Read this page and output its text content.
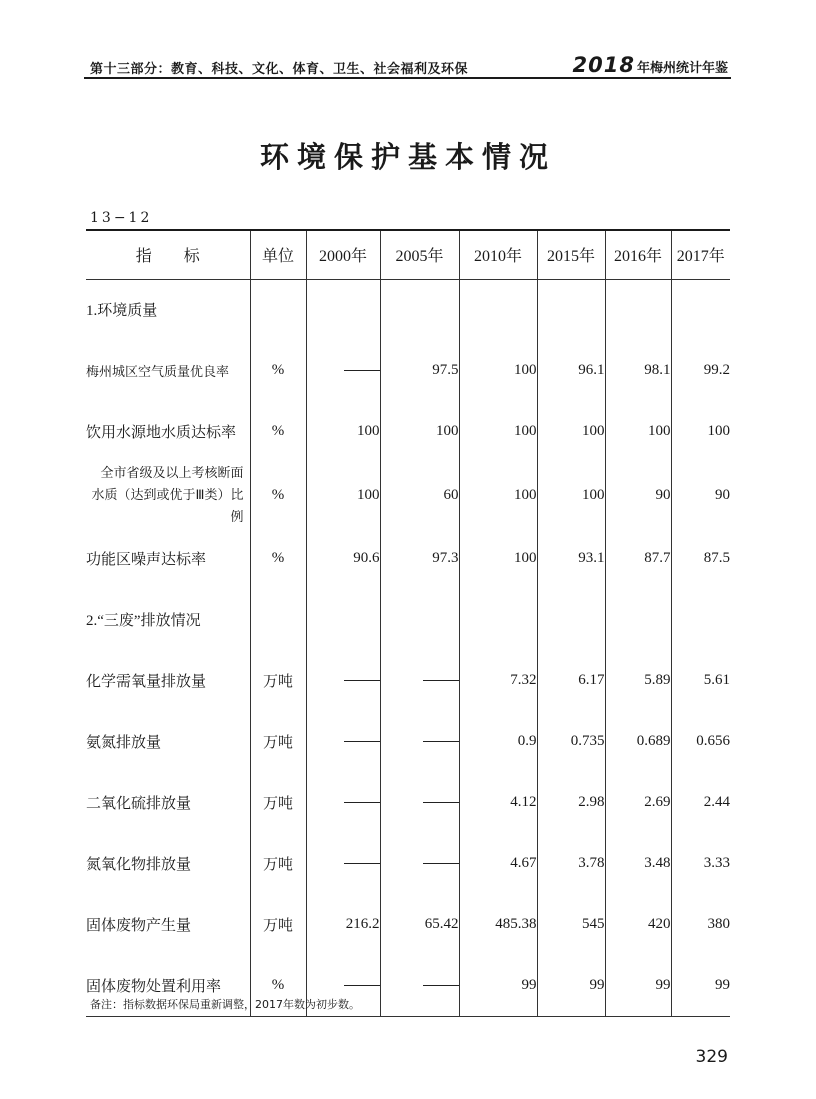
第十三部分：教育、科技、文化、体育、卫生、社会福利及环保	2018 年梅州统计年鉴
环境保护基本情况
13−12
指　　标	单位	2000年	2005年	2010年	2015年	2016年	2017年
1.环境质量							
梅州城区空气质量优良率	%		97.5	100	96.1	98.1	99.2
饮用水源地水质达标率	%	100	100	100	100	100	100

全市省级及以上考核断面
水质（达到或优于Ⅲ类）比例	%	100	60	100	100	90	90
功能区噪声达标率	%	90.6	97.3	100	93.1	87.7	87.5
2.“三废”排放情况							
化学需氧量排放量	万吨			7.32	6.17	5.89	5.61
氨氮排放量	万吨			0.9	0.735	0.689	0.656
二氧化硫排放量	万吨			4.12	2.98	2.69	2.44
氮氧化物排放量	万吨			4.67	3.78	3.48	3.33
固体废物产生量	万吨	216.2	65.42	485.38	545	420	380
固体废物处置利用率	%			99	99	99	99
备注：指标数据环保局重新调整，2017年数为初步数。
329
